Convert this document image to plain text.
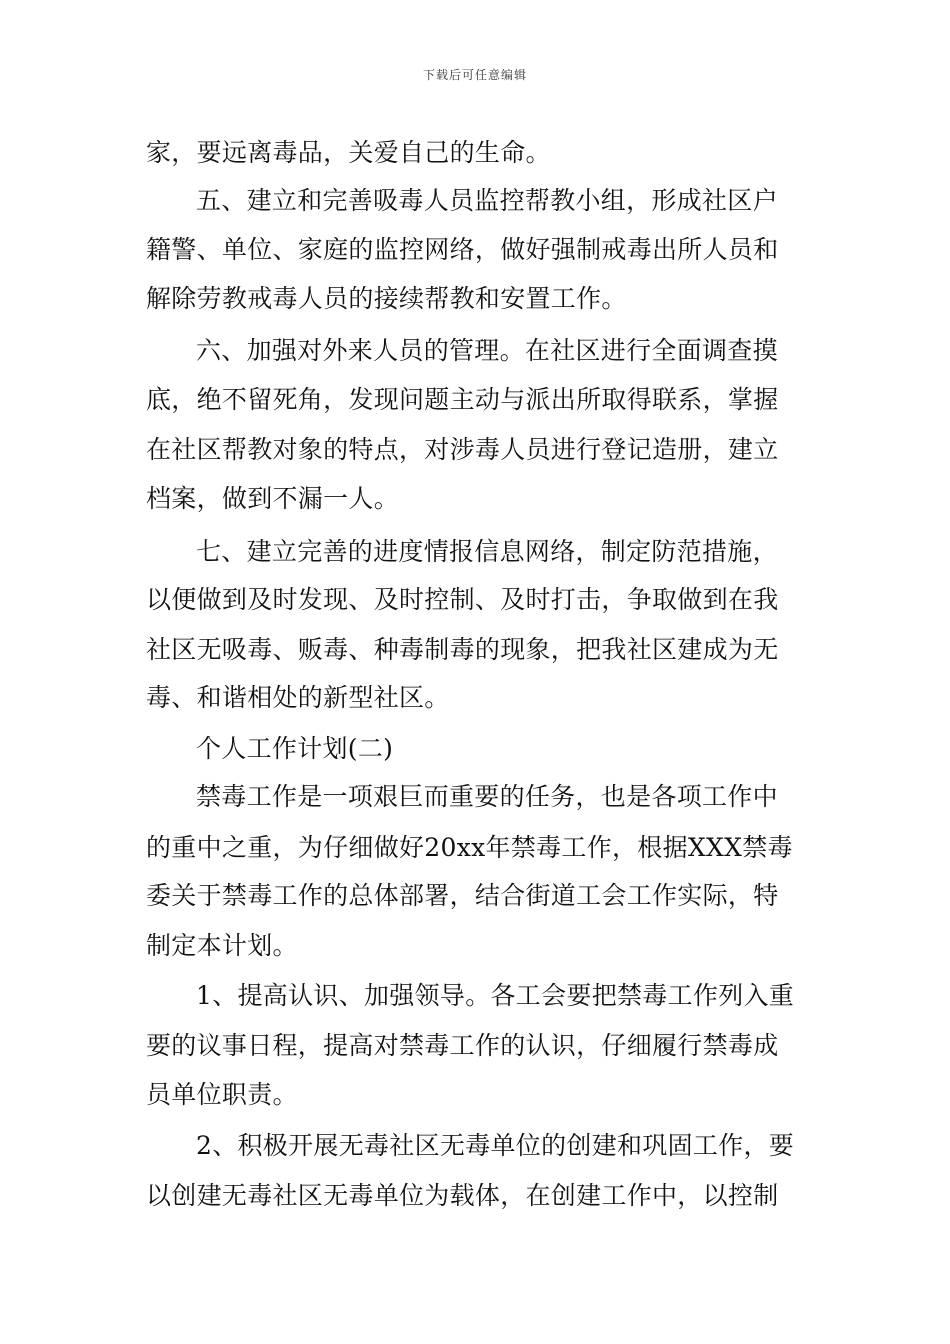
下载后可任意编辑
家，要远离毒品，关爱自己的生命。
五、建立和完善吸毒人员监控帮教小组，形成社区户
籍警、单位、家庭的监控网络，做好强制戒毒出所人员和
解除劳教戒毒人员的接续帮教和安置工作。
六、加强对外来人员的管理。在社区进行全面调查摸
底，绝不留死角，发现问题主动与派出所取得联系，掌握
在社区帮教对象的特点，对涉毒人员进行登记造册，建立
档案，做到不漏一人。
七、建立完善的进度情报信息网络，制定防范措施，
以便做到及时发现、及时控制、及时打击，争取做到在我
社区无吸毒、贩毒、种毒制毒的现象，把我社区建成为无
毒、和谐相处的新型社区。
个人工作计划(二)
禁毒工作是一项艰巨而重要的任务，也是各项工作中
的重中之重，为仔细做好20xx年禁毒工作，根据XXX禁毒
委关于禁毒工作的总体部署，结合街道工会工作实际，特
制定本计划。
1、提高认识、加强领导。各工会要把禁毒工作列入重
要的议事日程，提高对禁毒工作的认识，仔细履行禁毒成
员单位职责。
2、积极开展无毒社区无毒单位的创建和巩固工作，要
以创建无毒社区无毒单位为载体，在创建工作中，以控制
